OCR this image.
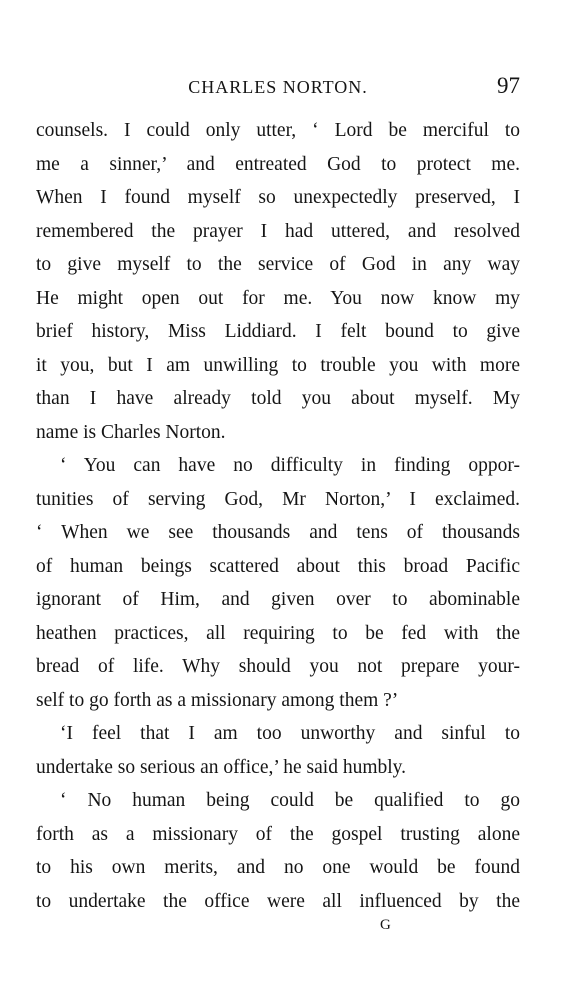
CHARLES NORTON.	97
counsels. I could only utter, ‘ Lord be merciful to
me a sinner,’ and entreated God to protect me.
When I found myself so unexpectedly preserved, I
remembered the prayer I had uttered, and resolved
to give myself to the service of God in any way
He might open out for me. You now know my
brief history, Miss Liddiard. I felt bound to give
it you, but I am unwilling to trouble you with more
than I have already told you about myself. My
name is Charles Norton.
‘ You can have no difficulty in finding oppor-
tunities of serving God, Mr Norton,’ I exclaimed.
‘ When we see thousands and tens of thousands
of human beings scattered about this broad Pacific
ignorant of Him, and given over to abominable
heathen practices, all requiring to be fed with the
bread of life. Why should you not prepare your-
self to go forth as a missionary among them ?’
‘I feel that I am too unworthy and sinful to
undertake so serious an office,’ he said humbly.
‘ No human being could be qualified to go
forth as a missionary of the gospel trusting alone
to his own merits, and no one would be found
to undertake the office were all influenced by the
G
